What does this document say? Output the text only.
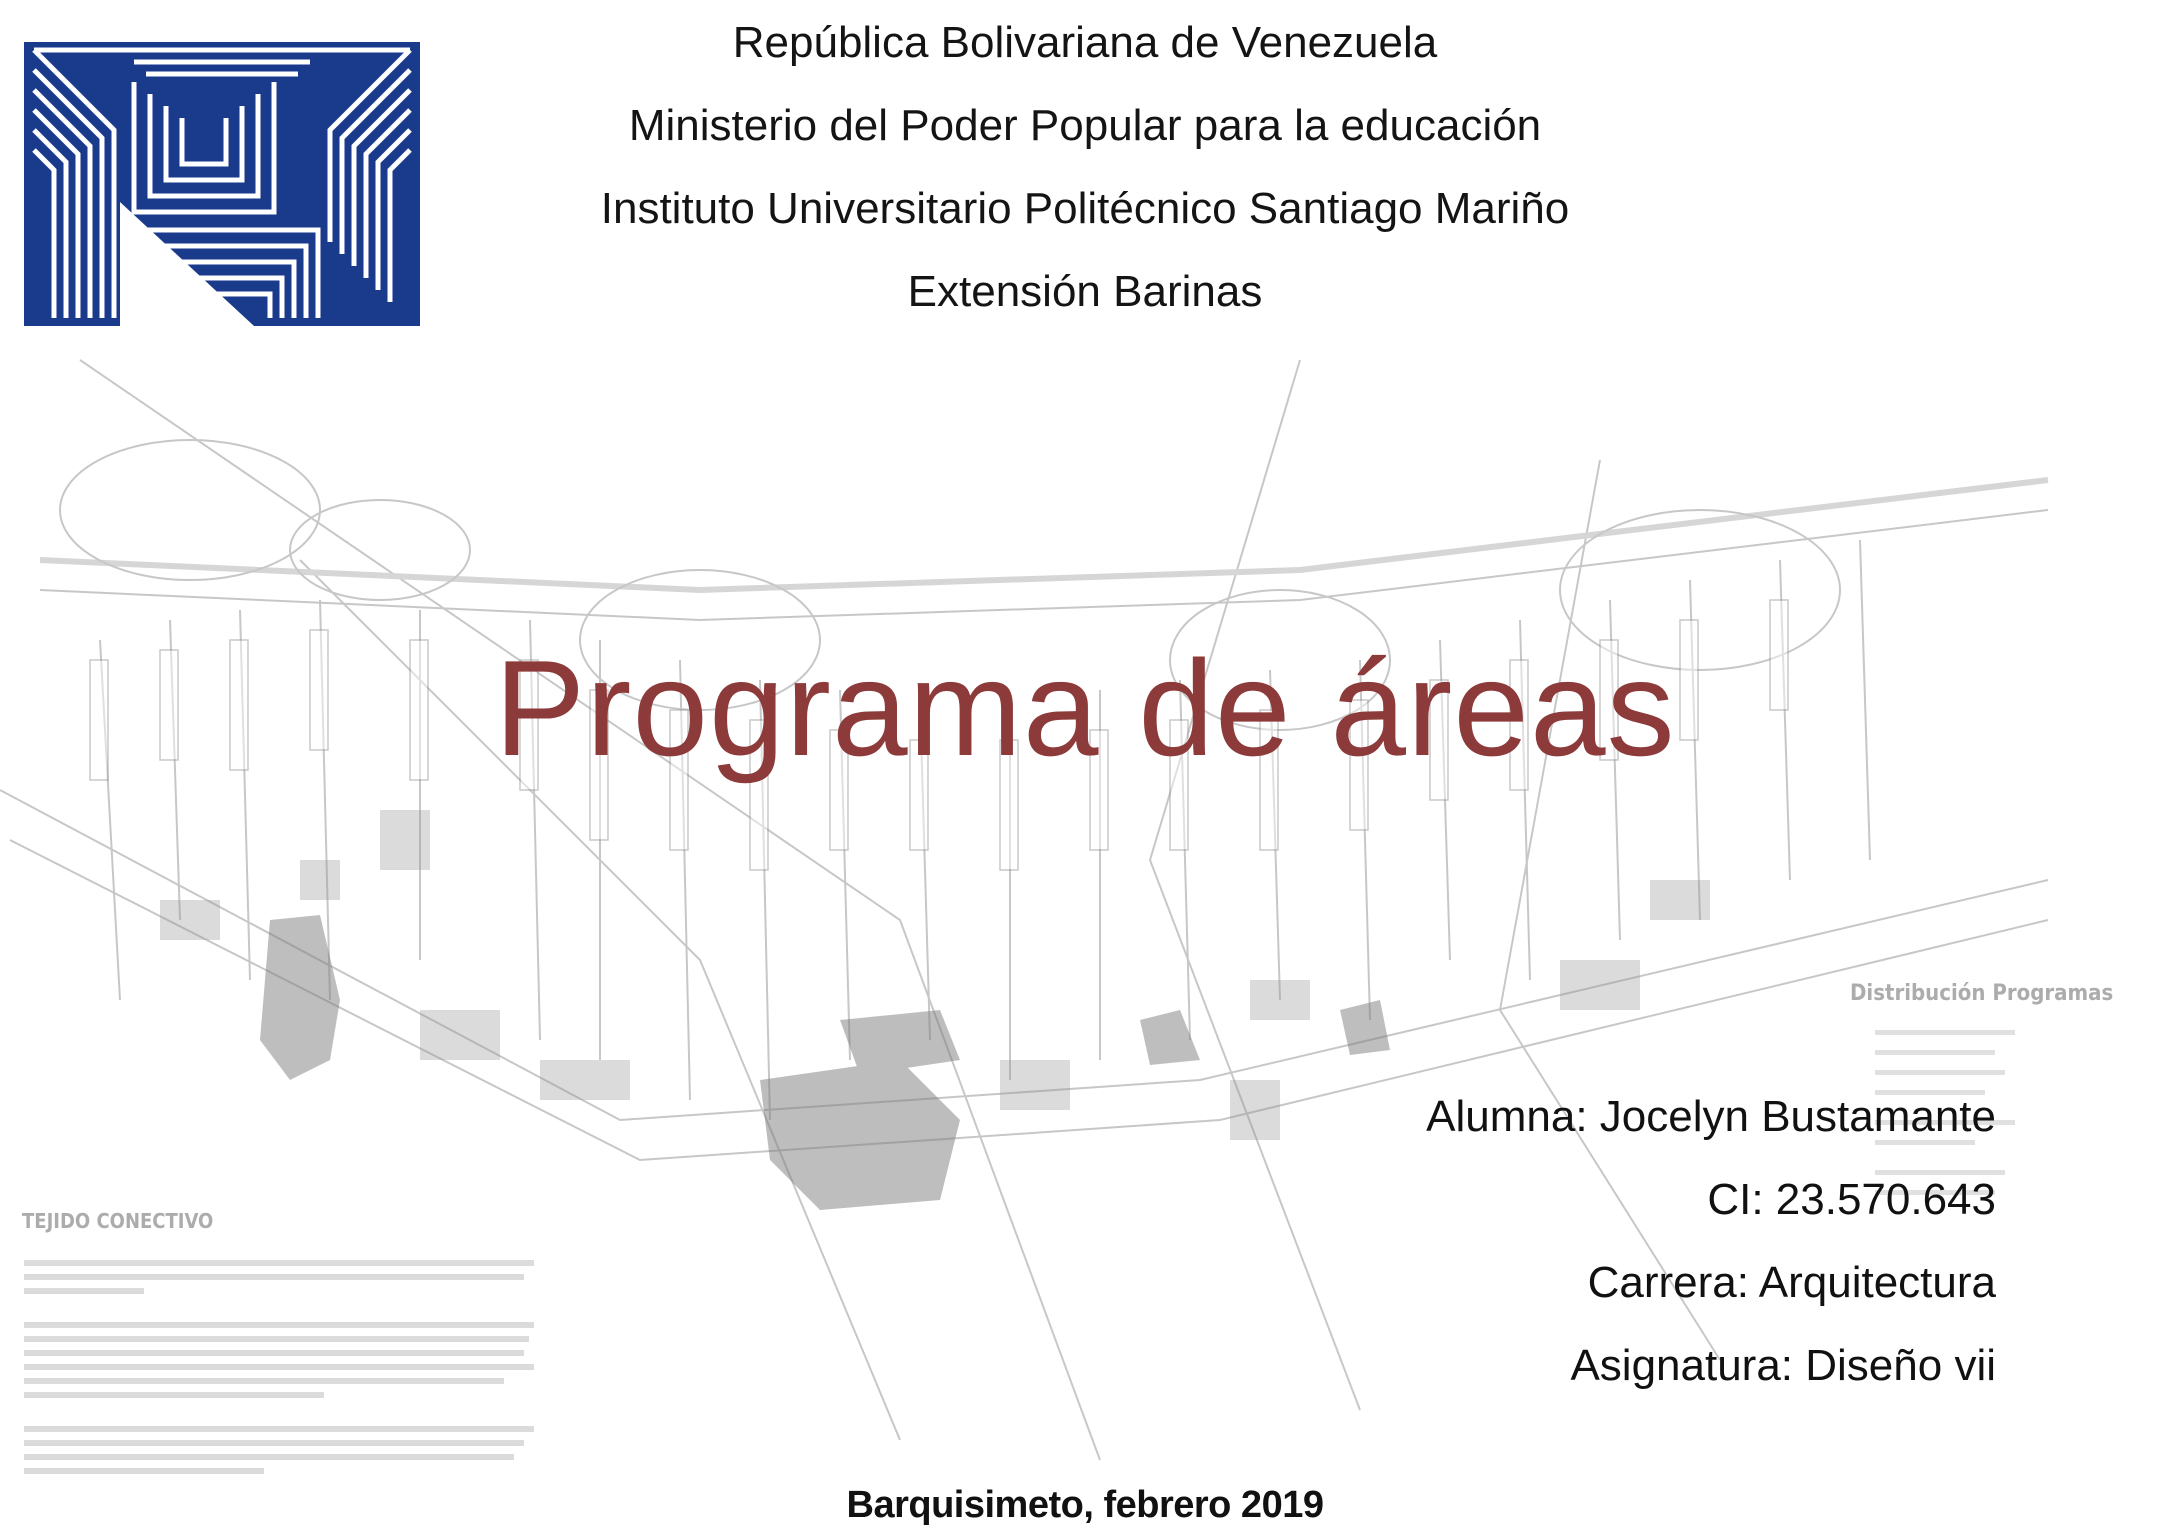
TEJIDO CONECTIVO
Distribución Programas
República Bolivariana de Venezuela
Ministerio del Poder Popular para la educación
Instituto Universitario Politécnico Santiago Mariño
Extensión Barinas
Programa de áreas
Alumna: Jocelyn Bustamante
CI: 23.570.643
Carrera: Arquitectura
Asignatura: Diseño vii
Barquisimeto, febrero 2019
